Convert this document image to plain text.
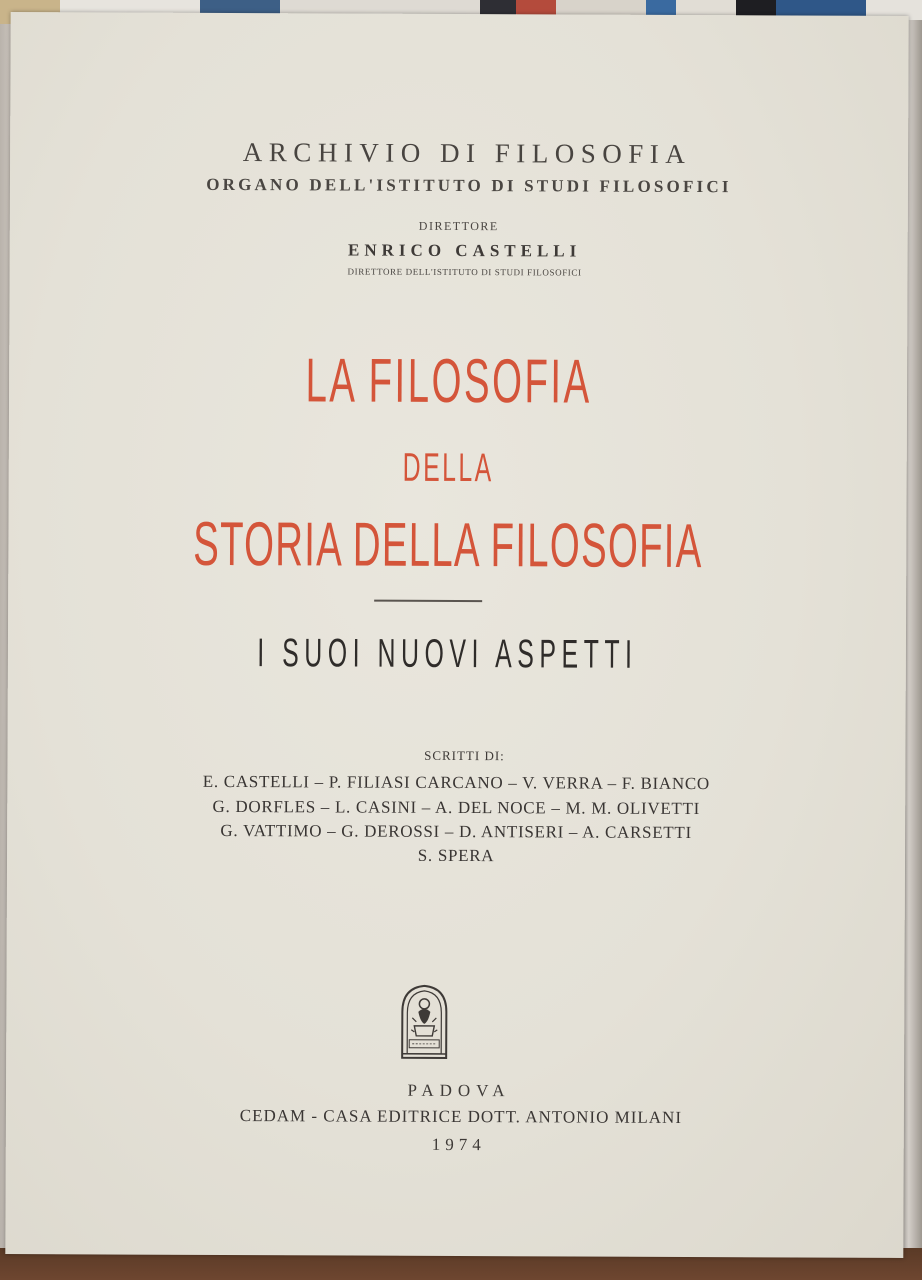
ARCHIVIO DI FILOSOFIA
ORGANO DELL'ISTITUTO DI STUDI FILOSOFICI
DIRETTORE
ENRICO CASTELLI
DIRETTORE DELL'ISTITUTO DI STUDI FILOSOFICI
LA FILOSOFIA
DELLA
STORIA DELLA FILOSOFIA
I SUOI NUOVI ASPETTI
SCRITTI DI:
E. CASTELLI – P. FILIASI CARCANO – V. VERRA – F. BIANCO
G. DORFLES – L. CASINI – A. DEL NOCE – M. M. OLIVETTI
G. VATTIMO – G. DEROSSI – D. ANTISERI – A. CARSETTI
S. SPERA
PADOVA
CEDAM - CASA EDITRICE DOTT. ANTONIO MILANI
1974
